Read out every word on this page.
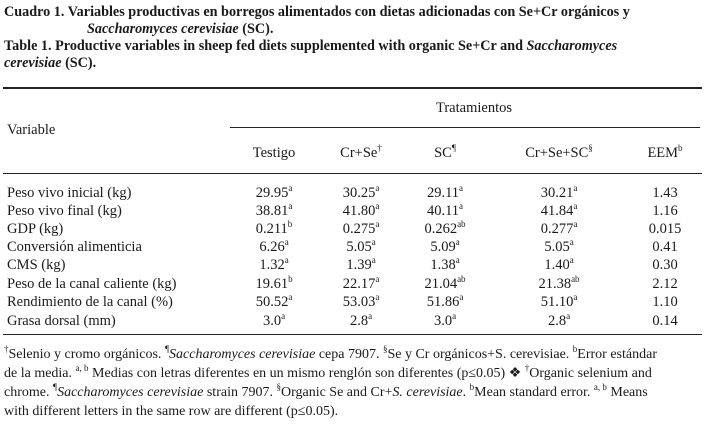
Cuadro 1. Variables productivas en borregos alimentados con dietas adicionadas con Se+Cr orgánicos y
Saccharomyces cerevisiae (SC).
Table 1. Productive variables in sheep fed diets supplemented with organic Se+Cr and Saccharomyces
cerevisiae (SC).
Variable
Tratamientos
Testigo	Cr+Se†	SC¶	Cr+Se+SC§	EEM$^b$
Peso vivo inicial (kg)	29.95$^a$	30.25$^a$	29.11$^a$	30.21$^a$	1.43
Peso vivo final (kg)	38.81$^a$	41.80$^a$	40.11$^a$	41.84$^a$	1.16
GDP (kg)	0.211$^b$	0.275$^a$	0.262$^{ab}$	0.277$^a$	0.015
Conversión alimenticia	6.26$^a$	5.05$^a$	5.09$^a$	5.05$^a$	0.41
CMS (kg)	1.32$^a$	1.39$^a$	1.38$^a$	1.40$^a$	0.30
Peso de la canal caliente (kg)	19.61$^b$	22.17$^a$	21.04$^{ab}$	21.38$^{ab}$	2.12
Rendimiento de la canal (%)	50.52$^a$	53.03$^a$	51.86$^a$	51.10$^a$	1.10
Grasa dorsal (mm)	3.0$^a$	2.8$^a$	3.0$^a$	2.8$^a$	0.14
†Selenio y cromo orgánicos. ¶Saccharomyces cerevisiae cepa 7907. §Se y Cr orgánicos+S. cerevisiae. $^b$Error estándar
de la media. $^{a, b}$ Medias con letras diferentes en un mismo renglón son diferentes (p≤0.05) ❖ †Organic selenium and
chrome. ¶Saccharomyces cerevisiae strain 7907. §Organic Se and Cr+S. cerevisiae. $^b$Mean standard error. $^{a, b}$ Means
with different letters in the same row are different (p≤0.05).
